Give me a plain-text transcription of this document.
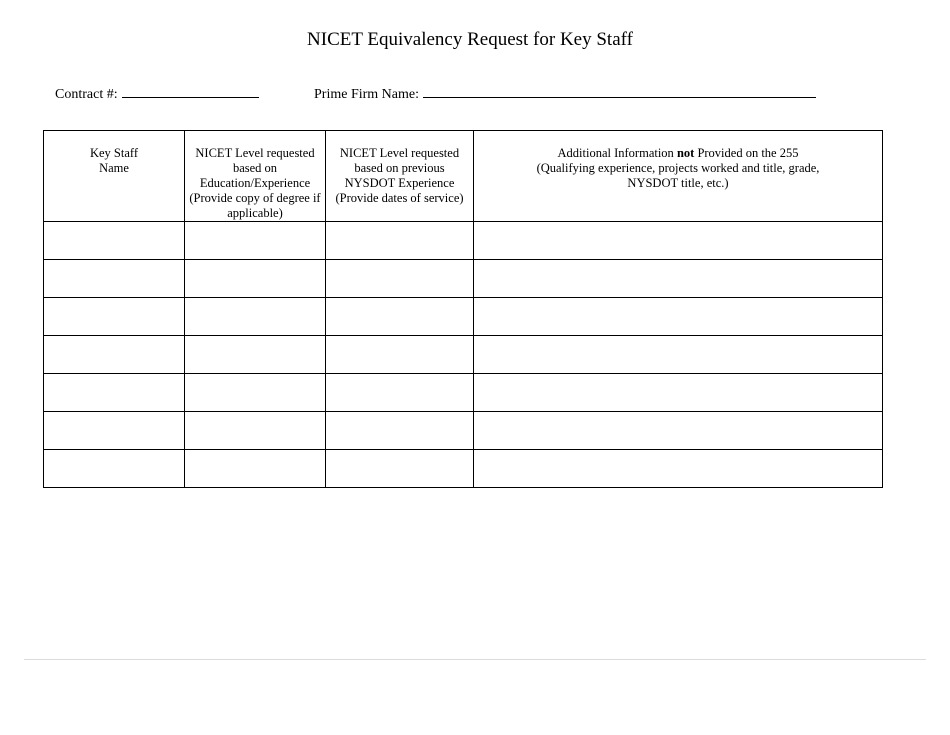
NICET Equivalency Request for Key Staff
Contract #:	Prime Firm Name:
Key Staff
Name	NICET Level requested
based on
Education/Experience
(Provide copy of degree if
applicable)	NICET Level requested
based on previous
NYSDOT Experience
(Provide dates of service)	Additional Information not Provided on the 255
(Qualifying experience, projects worked and title, grade,
NYSDOT title, etc.)
